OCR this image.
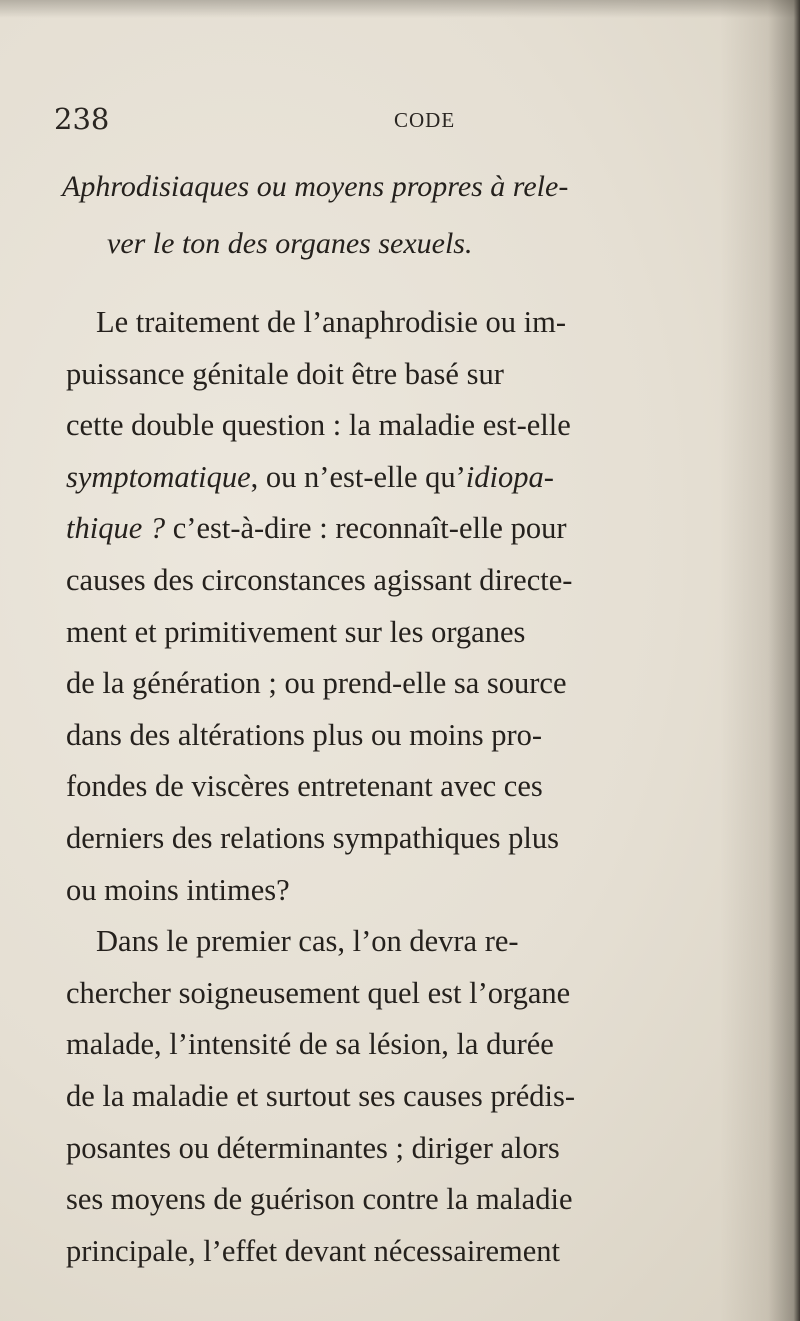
238	CODE
Aphrodisiaques ou moyens propres à rele-
ver le ton des organes sexuels.
Le traitement de l’anaphrodisie ou im-
puissance génitale doit être basé sur
cette double question : la maladie est-elle
symptomatique, ou n’est-elle qu’idiopa-
thique ? c’est-à-dire : reconnaît-elle pour
causes des circonstances agissant directe-
ment et primitivement sur les organes
de la génération ; ou prend-elle sa source
dans des altérations plus ou moins pro-
fondes de viscères entretenant avec ces
derniers des relations sympathiques plus
ou moins intimes?
Dans le premier cas, l’on devra re-
chercher soigneusement quel est l’organe
malade, l’intensité de sa lésion, la durée
de la maladie et surtout ses causes prédis-
posantes ou déterminantes ; diriger alors
ses moyens de guérison contre la maladie
principale, l’effet devant nécessairement
